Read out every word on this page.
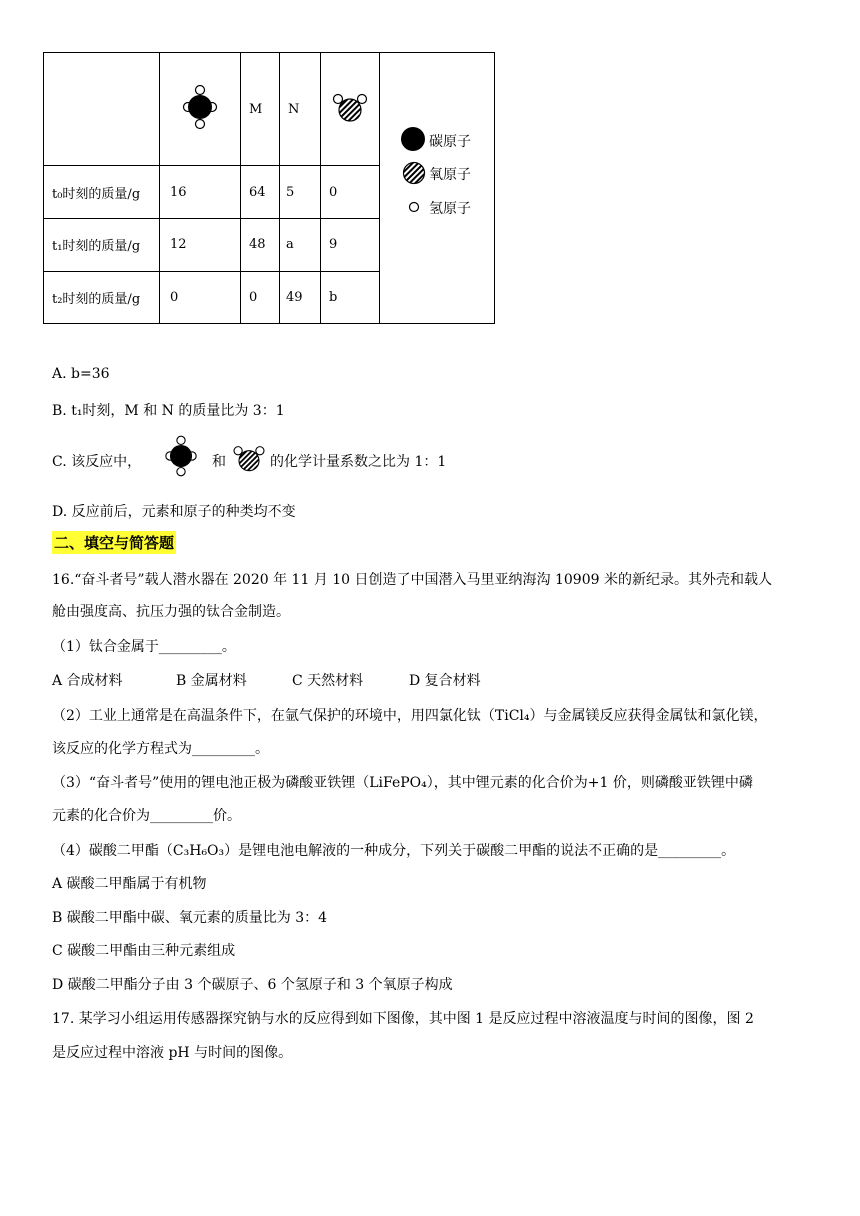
		M	N		碳原子
氧原子
氢原子

t₀时刻的质量/g	16	64	5	0	
t₁时刻的质量/g	12	48	a	9	
t₂时刻的质量/g	0	0	49	b	
A. b=36
B. t₁时刻，M 和 N 的质量比为 3：1
C. 该反应中，	和	的化学计量系数之比为 1：1
D. 反应前后，元素和原子的种类均不变
二、填空与简答题
16.“奋斗者号”载人潜水器在 2020 年 11 月 10 日创造了中国潜入马里亚纳海沟 10909 米的新纪录。其外壳和载人
舱由强度高、抗压力强的钛合金制造。
（1）钛合金属于_________。
A 合成材料	B 金属材料	C 天然材料	D 复合材料
（2）工业上通常是在高温条件下，在氩气保护的环境中，用四氯化钛（TiCl₄）与金属镁反应获得金属钛和氯化镁，
该反应的化学方程式为_________。
（3）“奋斗者号”使用的锂电池正极为磷酸亚铁锂（LiFePO₄），其中锂元素的化合价为+1 价，则磷酸亚铁锂中磷
元素的化合价为_________价。
（4）碳酸二甲酯（C₃H₆O₃）是锂电池电解液的一种成分，下列关于碳酸二甲酯的说法不正确的是_________。
A 碳酸二甲酯属于有机物
B 碳酸二甲酯中碳、氧元素的质量比为 3：4
C 碳酸二甲酯由三种元素组成
D 碳酸二甲酯分子由 3 个碳原子、6 个氢原子和 3 个氧原子构成
17. 某学习小组运用传感器探究钠与水的反应得到如下图像，其中图 1 是反应过程中溶液温度与时间的图像，图 2
是反应过程中溶液 pH 与时间的图像。
